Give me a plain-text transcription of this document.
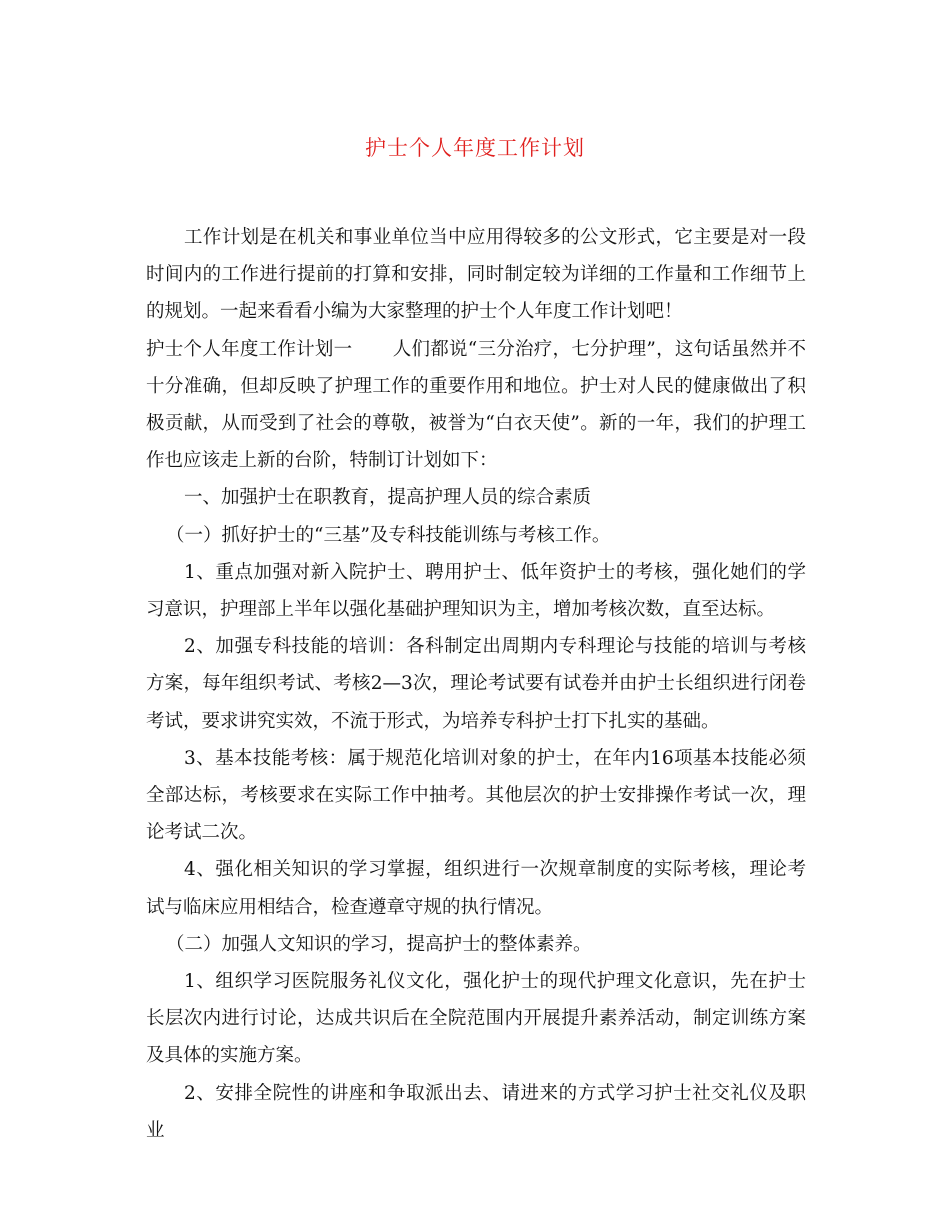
护士个人年度工作计划

工作计划是在机关和事业单位当中应用得较多的公文形式，它主要是对一段时间内的工作进行提前的打算和安排，同时制定较为详细的工作量和工作细节上的规划。一起来看看小编为大家整理的护士个人年度工作计划吧！

护士个人年度工作计划一 人们都说“三分治疗，七分护理”，这句话虽然并不十分准确，但却反映了护理工作的重要作用和地位。护士对人民的健康做出了积极贡献，从而受到了社会的尊敬，被誉为“白衣天使”。新的一年，我们的护理工作也应该走上新的台阶，特制订计划如下：

一、加强护士在职教育，提高护理人员的综合素质

（一）抓好护士的“三基”及专科技能训练与考核工作。

1、重点加强对新入院护士、聘用护士、低年资护士的考核，强化她们的学习意识，护理部上半年以强化基础护理知识为主，增加考核次数，直至达标。

2、加强专科技能的培训：各科制定出周期内专科理论与技能的培训与考核方案，每年组织考试、考核2—3次，理论考试要有试卷并由护士长组织进行闭卷考试，要求讲究实效，不流于形式，为培养专科护士打下扎实的基础。

3、基本技能考核：属于规范化培训对象的护士，在年内16项基本技能必须全部达标，考核要求在实际工作中抽考。其他层次的护士安排操作考试一次，理论考试二次。

4、强化相关知识的学习掌握，组织进行一次规章制度的实际考核，理论考试与临床应用相结合，检查遵章守规的执行情况。

（二）加强人文知识的学习，提高护士的整体素养。

1、组织学习医院服务礼仪文化，强化护士的现代护理文化意识，先在护士长层次内进行讨论，达成共识后在全院范围内开展提升素养活动，制定训练方案及具体的实施方案。

2、安排全院性的讲座和争取派出去、请进来的方式学习护士社交礼仪及职业
